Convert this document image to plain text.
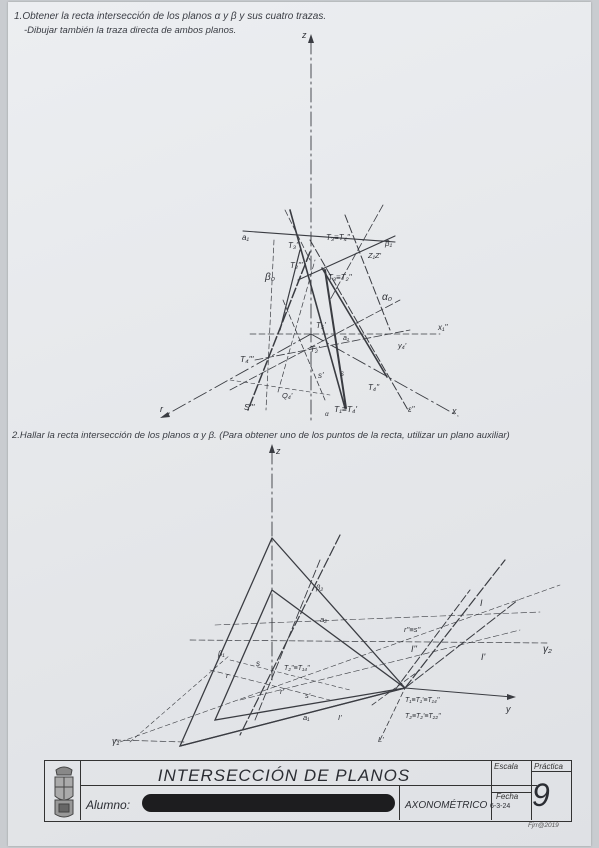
1.Obtener la recta intersección de los planos α y β y sus cuatro trazas.
-Dibujar también la traza directa de ambos planos.
2.Hallar la recta intersección de los planos α y β. (Para obtener uno de los puntos de la recta, utilizar un plano auxiliar)
z
x
r
a₁
β₁
β₀
α₀
T₃''
T₃≡T₄''
T₂'''
T₃≡T₂''
Z₁Z'
T₅'
T₂'
a₁
x₁''
y₄'
T₄'''
s
s'
T₄''
S'''
Q₄'
T₁≡T₄'	ε''
α
z
y
I
I''
I'
γ₂
γ₁
β₂
a₂
β₁
r''≡s''
r
s
T₂''≡T₁₄''
r'	s'
T₁≡T₁'≡T₁₄''
T₂≡T₂'≡T₂₂''
a₁	I'
L'
INTERSECCIÓN DE PLANOS	Escala Práctica
Alumno:	AXONOMÉTRICO
Fecha
6-3-24 9
Fjrr@2019
